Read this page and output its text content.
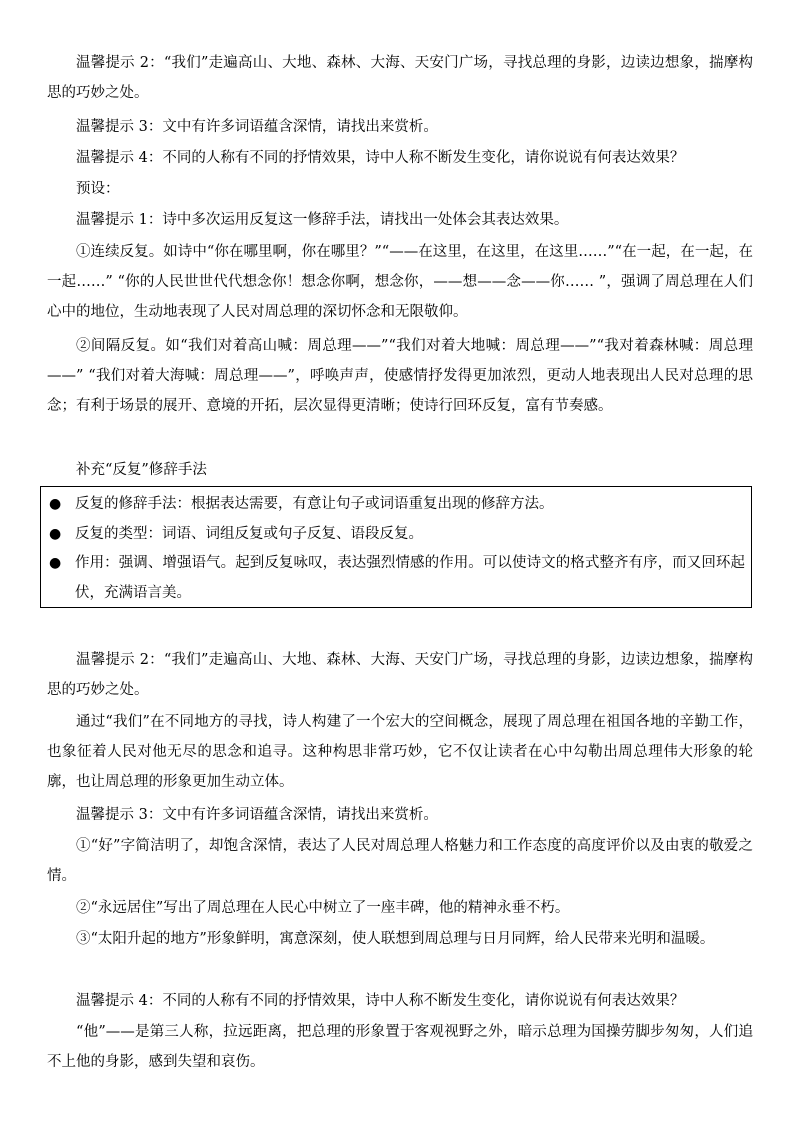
温馨提示 2：“我们”走遍高山、大地、森林、大海、天安门广场，寻找总理的身影，边读边想象，揣摩构思的巧妙之处。

温馨提示 3：文中有许多词语蕴含深情，请找出来赏析。

温馨提示 4：不同的人称有不同的抒情效果，诗中人称不断发生变化，请你说说有何表达效果？

预设：

温馨提示 1：诗中多次运用反复这一修辞手法，请找出一处体会其表达效果。

①连续反复。如诗中“你在哪里啊，你在哪里？”“——在这里，在这里，在这里……”“在一起，在一起，在一起……” “你的人民世世代代想念你！想念你啊，想念你，——想——念——你…… ”，强调了周总理在人们心中的地位，生动地表现了人民对周总理的深切怀念和无限敬仰。

②间隔反复。如“我们对着高山喊：周总理——”“我们对着大地喊：周总理——”“我对着森林喊：周总理——” “我们对着大海喊：周总理——”，呼唤声声，使感情抒发得更加浓烈，更动人地表现出人民对总理的思念；有利于场景的展开、意境的开拓，层次显得更清晰；使诗行回环反复，富有节奏感。

补充“反复”修辞手法

● 反复的修辞手法：根据表达需要，有意让句子或词语重复出现的修辞方法。
● 反复的类型：词语、词组反复或句子反复、语段反复。
● 作用：强调、增强语气。起到反复咏叹，表达强烈情感的作用。可以使诗文的格式整齐有序，而又回环起伏，充满语言美。

温馨提示 2：“我们”走遍高山、大地、森林、大海、天安门广场，寻找总理的身影，边读边想象，揣摩构思的巧妙之处。

通过“我们”在不同地方的寻找，诗人构建了一个宏大的空间概念，展现了周总理在祖国各地的辛勤工作，也象征着人民对他无尽的思念和追寻。这种构思非常巧妙，它不仅让读者在心中勾勒出周总理伟大形象的轮廓，也让周总理的形象更加生动立体。

温馨提示 3：文中有许多词语蕴含深情，请找出来赏析。

①“好”字简洁明了，却饱含深情，表达了人民对周总理人格魅力和工作态度的高度评价以及由衷的敬爱之情。

②“永远居住”写出了周总理在人民心中树立了一座丰碑，他的精神永垂不朽。

③“太阳升起的地方”形象鲜明，寓意深刻，使人联想到周总理与日月同辉，给人民带来光明和温暖。

温馨提示 4：不同的人称有不同的抒情效果，诗中人称不断发生变化，请你说说有何表达效果？

“他”——是第三人称，拉远距离，把总理的形象置于客观视野之外，暗示总理为国操劳脚步匆匆，人们追不上他的身影，感到失望和哀伤。
